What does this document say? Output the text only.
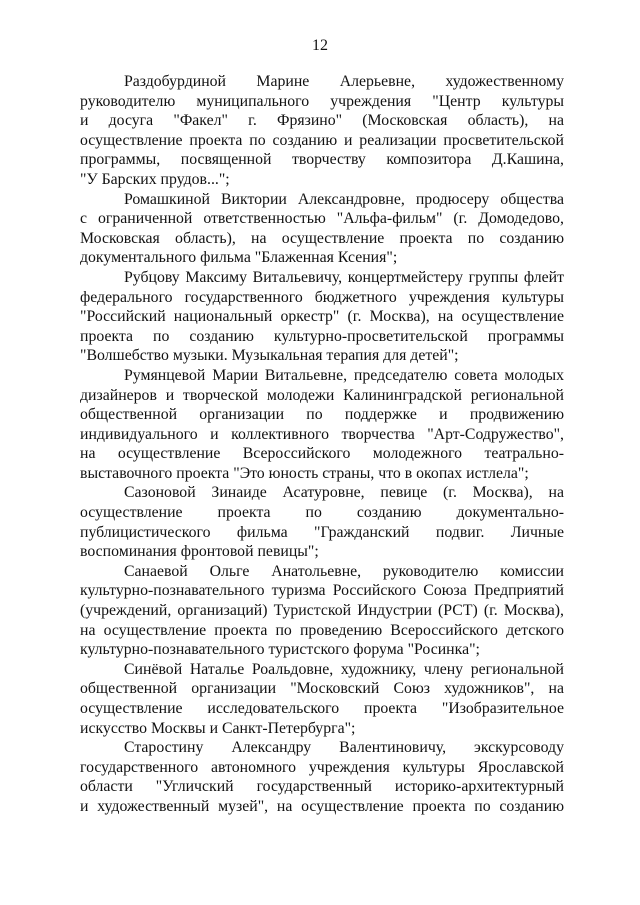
12
Раздобурдиной Марине Алерьевне, художественному
руководителю муниципального учреждения "Центр культуры
и досуга "Факел" г. Фрязино" (Московская область), на
осуществление проекта по созданию и реализации просветительской
программы, посвященной творчеству композитора Д.Кашина,
"У Барских прудов...";
Ромашкиной Виктории Александровне, продюсеру общества
с ограниченной ответственностью "Альфа-фильм" (г. Домодедово,
Московская область), на осуществление проекта по созданию
документального фильма "Блаженная Ксения";
Рубцову Максиму Витальевичу, концертмейстеру группы флейт
федерального государственного бюджетного учреждения культуры
"Российский национальный оркестр" (г. Москва), на осуществление
проекта по созданию культурно-просветительской программы
"Волшебство музыки. Музыкальная терапия для детей";
Румянцевой Марии Витальевне, председателю совета молодых
дизайнеров и творческой молодежи Калининградской региональной
общественной организации по поддержке и продвижению
индивидуального и коллективного творчества "Арт-Содружество",
на осуществление Всероссийского молодежного театрально-
выставочного проекта "Это юность страны, что в окопах истлела";
Сазоновой Зинаиде Асатуровне, певице (г. Москва), на
осуществление проекта по созданию документально-
публицистического фильма "Гражданский подвиг. Личные
воспоминания фронтовой певицы";
Санаевой Ольге Анатольевне, руководителю комиссии
культурно-познавательного туризма Российского Союза Предприятий
(учреждений, организаций) Туристской Индустрии (РСТ) (г. Москва),
на осуществление проекта по проведению Всероссийского детского
культурно-познавательного туристского форума "Росинка";
Синёвой Наталье Роальдовне, художнику, члену региональной
общественной организации "Московский Союз художников", на
осуществление исследовательского проекта "Изобразительное
искусство Москвы и Санкт-Петербурга";
Старостину Александру Валентиновичу, экскурсоводу
государственного автономного учреждения культуры Ярославской
области "Угличский государственный историко-архитектурный
и художественный музей", на осуществление проекта по созданию
